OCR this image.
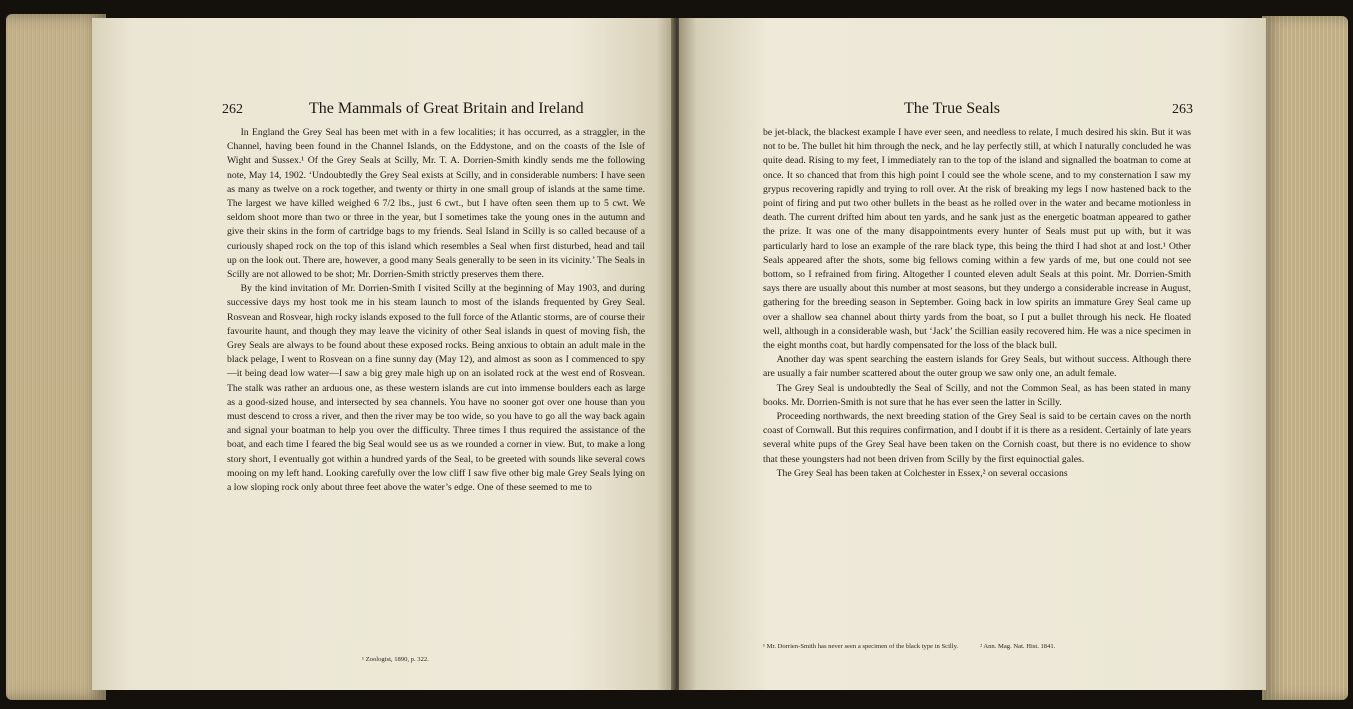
262	The Mammals of Great Britain and Ireland

In England the Grey Seal has been met with in a few localities; it has occurred, as a straggler, in the Channel, having been found in the Channel Islands, on the Eddystone, and on the coasts of the Isle of Wight and Sussex.¹ Of the Grey Seals at Scilly, Mr. T. A. Dorrien-Smith kindly sends me the following note, May 14, 1902. ‘Undoubtedly the Grey Seal exists at Scilly, and in considerable numbers: I have seen as many as twelve on a rock together, and twenty or thirty in one small group of islands at the same time. The largest we have killed weighed 6 7/2 lbs., just 6 cwt., but I have often seen them up to 5 cwt. We seldom shoot more than two or three in the year, but I sometimes take the young ones in the autumn and give their skins in the form of cartridge bags to my friends. Seal Island in Scilly is so called because of a curiously shaped rock on the top of this island which resembles a Seal when first disturbed, head and tail up on the look out. There are, however, a good many Seals generally to be seen in its vicinity.’ The Seals in Scilly are not allowed to be shot; Mr. Dorrien-Smith strictly preserves them there.

By the kind invitation of Mr. Dorrien-Smith I visited Scilly at the beginning of May 1903, and during successive days my host took me in his steam launch to most of the islands frequented by Grey Seal. Rosvean and Rosvear, high rocky islands exposed to the full force of the Atlantic storms, are of course their favourite haunt, and though they may leave the vicinity of other Seal islands in quest of moving fish, the Grey Seals are always to be found about these exposed rocks. Being anxious to obtain an adult male in the black pelage, I went to Rosvean on a fine sunny day (May 12), and almost as soon as I commenced to spy—it being dead low water—I saw a big grey male high up on an isolated rock at the west end of Rosvean. The stalk was rather an arduous one, as these western islands are cut into immense boulders each as large as a good-sized house, and intersected by sea channels. You have no sooner got over one house than you must descend to cross a river, and then the river may be too wide, so you have to go all the way back again and signal your boatman to help you over the difficulty. Three times I thus required the assistance of the boat, and each time I feared the big Seal would see us as we rounded a corner in view. But, to make a long story short, I eventually got within a hundred yards of the Seal, to be greeted with sounds like several cows mooing on my left hand. Looking carefully over the low cliff I saw five other big male Grey Seals lying on a low sloping rock only about three feet above the water’s edge. One of these seemed to me to

¹ Zoologist, 1890, p. 322.
The True Seals	263

be jet-black, the blackest example I have ever seen, and needless to relate, I much desired his skin. But it was not to be. The bullet hit him through the neck, and he lay perfectly still, at which I naturally concluded he was quite dead. Rising to my feet, I immediately ran to the top of the island and signalled the boatman to come at once. It so chanced that from this high point I could see the whole scene, and to my consternation I saw my grypus recovering rapidly and trying to roll over. At the risk of breaking my legs I now hastened back to the point of firing and put two other bullets in the beast as he rolled over in the water and became motionless in death. The current drifted him about ten yards, and he sank just as the energetic boatman appeared to gather the prize. It was one of the many disappointments every hunter of Seals must put up with, but it was particularly hard to lose an example of the rare black type, this being the third I had shot at and lost.¹ Other Seals appeared after the shots, some big fellows coming within a few yards of me, but one could not see bottom, so I refrained from firing. Altogether I counted eleven adult Seals at this point. Mr. Dorrien-Smith says there are usually about this number at most seasons, but they undergo a considerable increase in August, gathering for the breeding season in September. Going back in low spirits an immature Grey Seal came up over a shallow sea channel about thirty yards from the boat, so I put a bullet through his neck. He floated well, although in a considerable wash, but ‘Jack’ the Scillian easily recovered him. He was a nice specimen in the eight months coat, but hardly compensated for the loss of the black bull.

Another day was spent searching the eastern islands for Grey Seals, but without success. Although there are usually a fair number scattered about the outer group we saw only one, an adult female.

The Grey Seal is undoubtedly the Seal of Scilly, and not the Common Seal, as has been stated in many books. Mr. Dorrien-Smith is not sure that he has ever seen the latter in Scilly.

Proceeding northwards, the next breeding station of the Grey Seal is said to be certain caves on the north coast of Cornwall. But this requires confirmation, and I doubt if it is there as a resident. Certainly of late years several white pups of the Grey Seal have been taken on the Cornish coast, but there is no evidence to show that these youngsters had not been driven from Scilly by the first equinoctial gales.

The Grey Seal has been taken at Colchester in Essex,² on several occasions

¹ Mr. Dorrien-Smith has never seen a specimen of the black type in Scilly.	² Ann. Mag. Nat. Hist. 1841.
